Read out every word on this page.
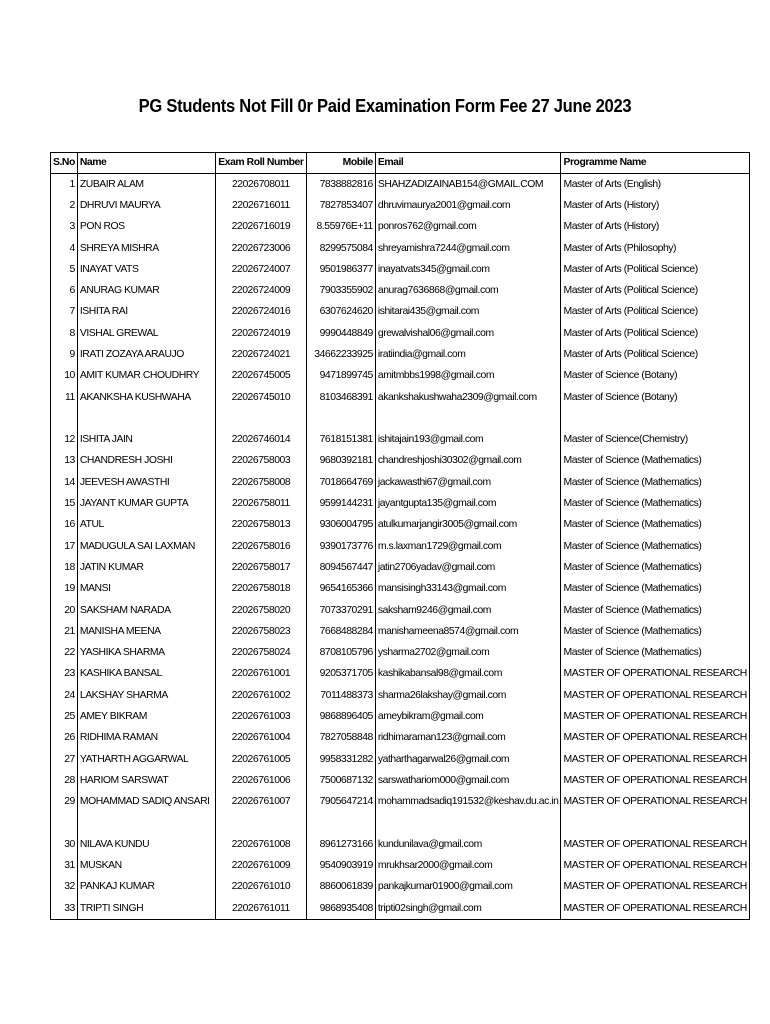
PG Students Not Fill 0r Paid Examination Form Fee 27 June 2023
S.No	Name	Exam Roll Number	Mobile	Email	Programme Name
1	ZUBAIR ALAM	22026708011	7838882816	SHAHZADIZAINAB154@GMAIL.COM	Master of Arts (English)
2	DHRUVI MAURYA	22026716011	7827853407	dhruvimaurya2001@gmail.com	Master of Arts (History)
3	PON ROS	22026716019	8.55976E+11	ponros762@gmail.com	Master of Arts (History)
4	SHREYA MISHRA	22026723006	8299575084	shreyamishra7244@gmail.com	Master of Arts (Philosophy)
5	INAYAT VATS	22026724007	9501986377	inayatvats345@gmail.com	Master of Arts (Political Science)
6	ANURAG KUMAR	22026724009	7903355902	anurag7636868@gmail.com	Master of Arts (Political Science)
7	ISHITA RAI	22026724016	6307624620	ishitarai435@gmail.com	Master of Arts (Political Science)
8	VISHAL GREWAL	22026724019	9990448849	grewalvishal06@gmail.com	Master of Arts (Political Science)
9	IRATI ZOZAYA ARAUJO	22026724021	34662233925	iratiindia@gmail.com	Master of Arts (Political Science)
10	AMIT KUMAR CHOUDHRY	22026745005	9471899745	amitmbbs1998@gmail.com	Master of Science (Botany)
11	AKANKSHA KUSHWAHA	22026745010	8103468391	akankshakushwaha2309@gmail.com	Master of Science (Botany)
12	ISHITA JAIN	22026746014	7618151381	ishitajain193@gmail.com	Master of Science(Chemistry)
13	CHANDRESH JOSHI	22026758003	9680392181	chandreshjoshi30302@gmail.com	Master of Science (Mathematics)
14	JEEVESH AWASTHI	22026758008	7018664769	jackawasthi67@gmail.com	Master of Science (Mathematics)
15	JAYANT KUMAR GUPTA	22026758011	9599144231	jayantgupta135@gmail.com	Master of Science (Mathematics)
16	ATUL	22026758013	9306004795	atulkumarjangir3005@gmail.com	Master of Science (Mathematics)
17	MADUGULA SAI LAXMAN	22026758016	9390173776	m.s.laxman1729@gmail.com	Master of Science (Mathematics)
18	JATIN KUMAR	22026758017	8094567447	jatin2706yadav@gmail.com	Master of Science (Mathematics)
19	MANSI	22026758018	9654165366	mansisingh33143@gmail.com	Master of Science (Mathematics)
20	SAKSHAM NARADA	22026758020	7073370291	saksham9246@gmail.com	Master of Science (Mathematics)
21	MANISHA MEENA	22026758023	7668488284	manishameena8574@gmail.com	Master of Science (Mathematics)
22	YASHIKA SHARMA	22026758024	8708105796	ysharma2702@gmail.com	Master of Science (Mathematics)
23	KASHIKA BANSAL	22026761001	9205371705	kashikabansal98@gmail.com	MASTER OF OPERATIONAL RESEARCH
24	LAKSHAY SHARMA	22026761002	7011488373	sharma26lakshay@gmail.com	MASTER OF OPERATIONAL RESEARCH
25	AMEY BIKRAM	22026761003	9868896405	ameybikram@gmail.com	MASTER OF OPERATIONAL RESEARCH
26	RIDHIMA RAMAN	22026761004	7827058848	ridhimaraman123@gmail.com	MASTER OF OPERATIONAL RESEARCH
27	YATHARTH AGGARWAL	22026761005	9958331282	yatharthagarwal26@gmail.com	MASTER OF OPERATIONAL RESEARCH
28	HARIOM SARSWAT	22026761006	7500687132	sarswathariom000@gmail.com	MASTER OF OPERATIONAL RESEARCH
29	MOHAMMAD SADIQ ANSARI	22026761007	7905647214	mohammadsadiq191532@keshav.du.ac.in	MASTER OF OPERATIONAL RESEARCH
30	NILAVA KUNDU	22026761008	8961273166	kundunilava@gmail.com	MASTER OF OPERATIONAL RESEARCH
31	MUSKAN	22026761009	9540903919	mrukhsar2000@gmail.com	MASTER OF OPERATIONAL RESEARCH
32	PANKAJ KUMAR	22026761010	8860061839	pankajkumar01900@gmail.com	MASTER OF OPERATIONAL RESEARCH
33	TRIPTI SINGH	22026761011	9868935408	tripti02singh@gmail.com	MASTER OF OPERATIONAL RESEARCH
